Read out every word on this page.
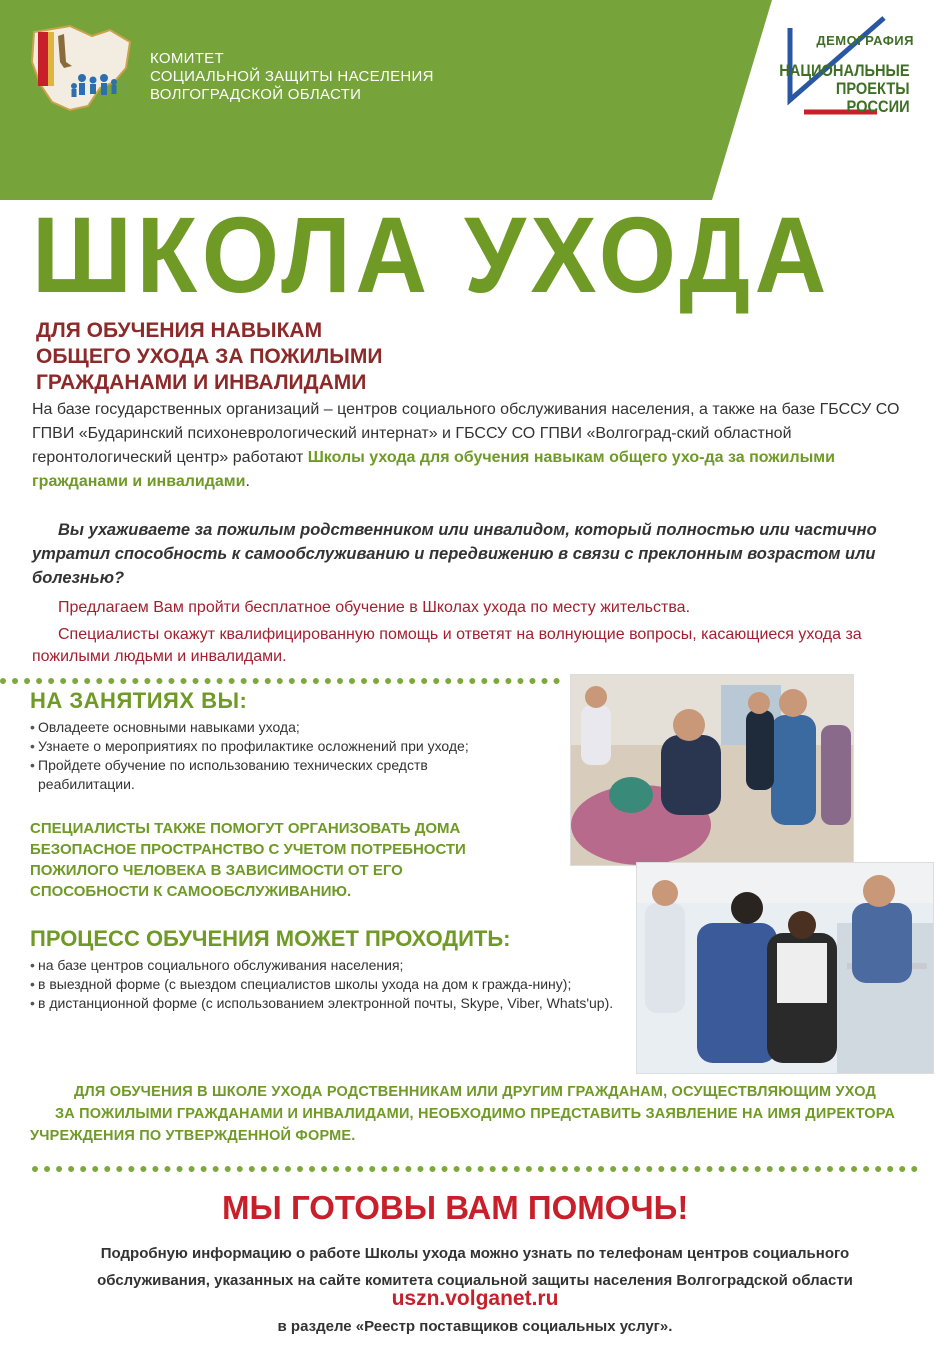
КОМИТЕТ
СОЦИАЛЬНОЙ ЗАЩИТЫ НАСЕЛЕНИЯ
ВОЛГОГРАДСКОЙ ОБЛАСТИ
ДЕМОГРАФИЯ
НАЦИОНАЛЬНЫЕ
ПРОЕКТЫ
РОССИИ
ШКОЛА УХОДА
ДЛЯ ОБУЧЕНИЯ НАВЫКАМ
ОБЩЕГО УХОДА ЗА ПОЖИЛЫМИ
ГРАЖДАНАМИ И ИНВАЛИДАМИ

На базе государственных организаций – центров социального обслуживания населения, а также на базе ГБССУ СО ГПВИ «Бударинский психоневрологический интернат» и ГБССУ СО ГПВИ «Волгоград-ский областной геронтологический центр» работают Школы ухода для обучения навыкам общего ухо-да за пожилыми гражданами и инвалидами.

Вы ухаживаете за пожилым родственником или инвалидом, который полностью или частично утратил способность к самообслуживанию и передвижению в связи с преклонным возрастом или болезнью?

Предлагаем Вам пройти бесплатное обучение в Школах ухода по месту жительства.

Специалисты окажут квалифицированную помощь и ответят на волнующие вопросы, касающиеся ухода за пожилыми людьми и инвалидами.

НА ЗАНЯТИЯХ ВЫ:
• Овладеете основными навыками ухода;
• Узнаете о мероприятиях по профилактике осложнений при уходе;
• Пройдете обучение по использованию технических средств реабилитации.
СПЕЦИАЛИСТЫ ТАКЖЕ ПОМОГУТ ОРГАНИЗОВАТЬ ДОМА
БЕЗОПАСНОЕ ПРОСТРАНСТВО С УЧЕТОМ ПОТРЕБНОСТИ
ПОЖИЛОГО ЧЕЛОВЕКА В ЗАВИСИМОСТИ ОТ ЕГО
СПОСОБНОСТИ К САМООБСЛУЖИВАНИЮ.
ПРОЦЕСС ОБУЧЕНИЯ МОЖЕТ ПРОХОДИТЬ:
• на базе центров социального обслуживания населения;
• в выездной форме (с выездом специалистов школы ухода на дом к гражда-нину);
• в дистанционной форме (с использованием электронной почты, Skype, Viber, Whats'up).
ДЛЯ ОБУЧЕНИЯ В ШКОЛЕ УХОДА РОДСТВЕННИКАМ ИЛИ ДРУГИМ ГРАЖДАНАМ, ОСУЩЕСТВЛЯЮЩИМ УХОД
ЗА ПОЖИЛЫМИ ГРАЖДАНАМИ И ИНВАЛИДАМИ, НЕОБХОДИМО ПРЕДСТАВИТЬ ЗАЯВЛЕНИЕ НА ИМЯ ДИРЕКТОРА
УЧРЕЖДЕНИЯ ПО УТВЕРЖДЕННОЙ ФОРМЕ.
МЫ ГОТОВЫ ВАМ ПОМОЧЬ!
Подробную информацию о работе Школы ухода можно узнать по телефонам центров социального
обслуживания, указанных на сайте комитета социальной защиты населения Волгоградской области
uszn.volganet.ru
в разделе «Реестр поставщиков социальных услуг».
